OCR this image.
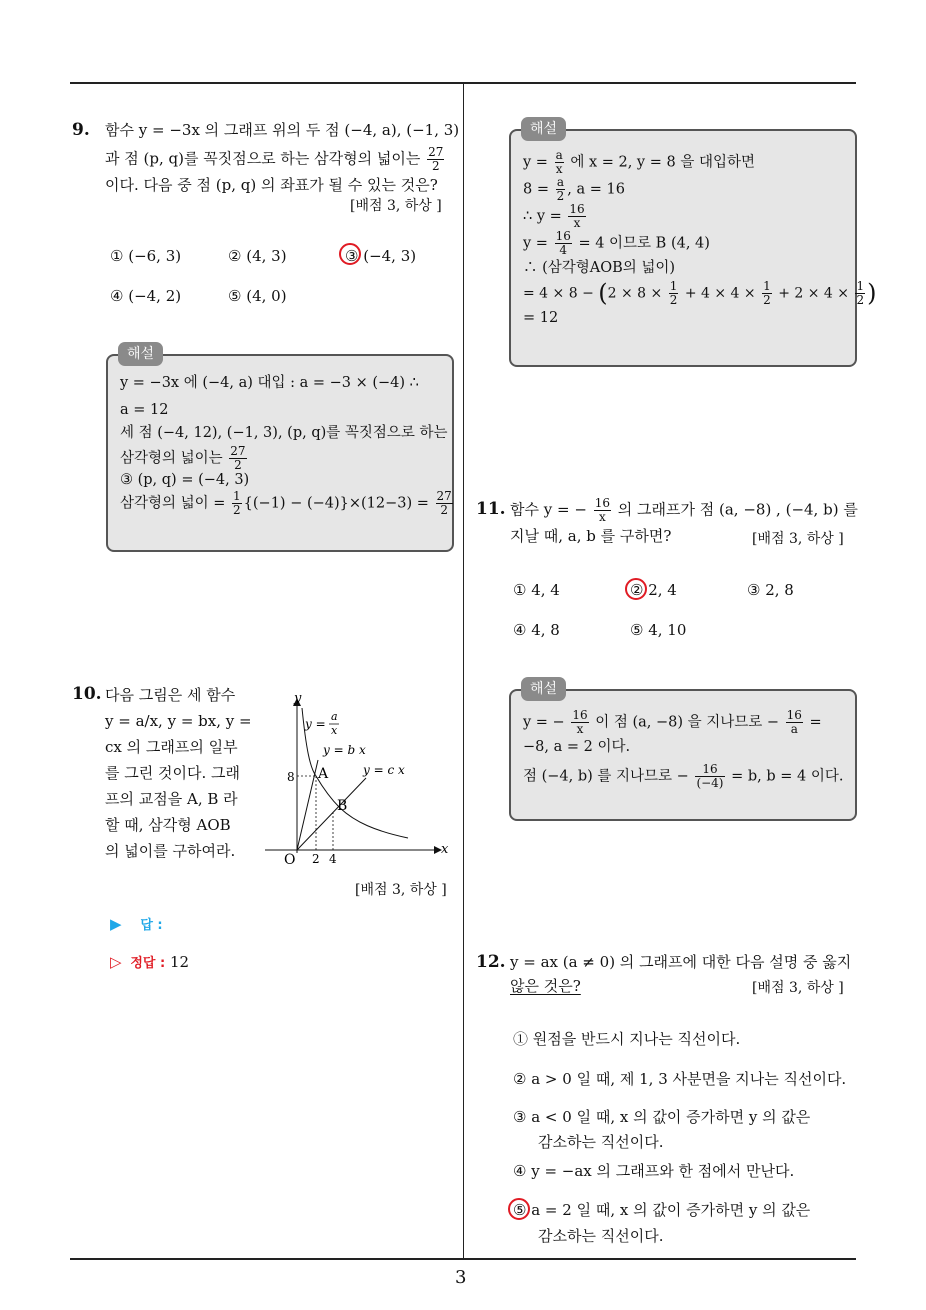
9. 함수 y = −3x 의 그래프 위의 두 점 (−4, a), (−1, 3)
과 점 (p, q)를 꼭짓점으로 하는 삼각형의 넓이는 $\frac{27}{2}$
이다. 다음 중 점 (p, q) 의 좌표가 될 수 있는 것은?
[배점 3, 하상 ]
① (−6, 3)	② (4, 3)	③ (−4, 3)
④ (−4, 2)	⑤ (4, 0)
해설
y = −3x 에 (−4, a) 대입 : a = −3 × (−4) ∴
a = 12
세 점 (−4, 12), (−1, 3), (p, q)를 꼭짓점으로 하는
삼각형의 넓이는 $\frac{27}{2}$
③ (p, q) = (−4, 3)
삼각형의 넓이 = $\frac{1}{2} \{(-1) - (-4)\}\times(12-3) = \frac{27}{2}$
10. 다음 그림은 세 함수
y = a/x, y = bx, y =
cx 의 그래프의 일부
를 그린 것이다. 그래
프의 교점을 A, B 라
할 때, 삼각형 AOB
의 넓이를 구하여라.
y
x
O
y =
a
x
y = b x
y = c x
A
B
8
2 4
[배점 3, 하상 ]
▶ 답 :
▷ 정답 : 12
해설
$y = \frac{a}{x}$ 에 x = 2, y = 8 을 대입하면
$8 = \frac{a}{2}$ , a = 16
∴ $y = \frac{16}{x}$
$y = \frac{16}{4} = 4$ 이므로 B (4, 4)
∴ (삼각형AOB의 넓이)
= $4 \times 8 - (2 \times 8 \times \frac{1}{2} + 4 \times 4 \times \frac{1}{2} + 2 \times 4 \times \frac{1}{2}$ )
= 12
11. 함수 y = − $\frac{16}{x}$ 의 그래프가 점 (a, −8) , (−4, b) 를
지날 때, a, b 를 구하면?	[배점 3, 하상 ]
① 4, 4	② 2, 4	③ 2, 8
④ 4, 8	⑤ 4, 10
해설
y = − $\frac{16}{x}$ 이 점 (a, −8) 을 지나므로 − $\frac{16}{a}$ =
−8, a = 2 이다.
점 (−4, b) 를 지나므로 − $\frac{16}{(-4)} = b$, b = 4 이다.
12. y = ax (a ≠ 0) 의 그래프에 대한 다음 설명 중 옳지
않은 것은?	[배점 3, 하상 ]
① 원점을 반드시 지나는 직선이다.
② a > 0 일 때, 제 1, 3 사분면을 지나는 직선이다.
③ a < 0 일 때, x 의 값이 증가하면 y 의 값은
감소하는 직선이다.
④ y = −ax 의 그래프와 한 점에서 만난다.
⑤ a = 2 일 때, x 의 값이 증가하면 y 의 값은
감소하는 직선이다.
3
